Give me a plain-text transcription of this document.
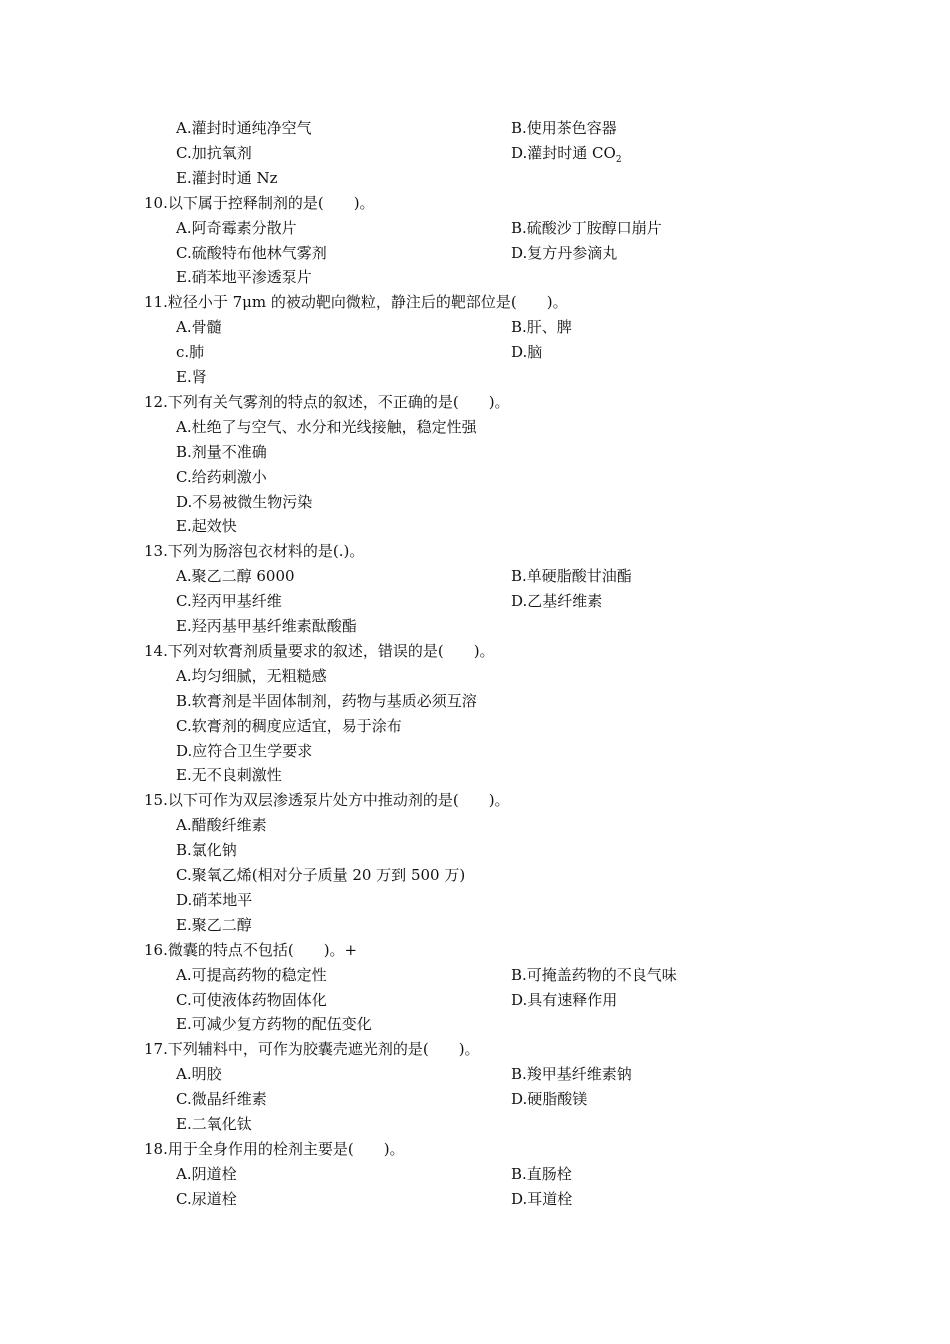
A.灌封时通纯净空气	B.使用茶色容器
C.加抗氧剂	D.灌封时通 $CO_2$
E.灌封时通 Nz
10.以下属于控释制剂的是(　　)。
A.阿奇霉素分散片	B.硫酸沙丁胺醇口崩片
C.硫酸特布他林气雾剂	D.复方丹参滴丸
E.硝苯地平渗透泵片
11.粒径小于 7μm 的被动靶向微粒，静注后的靶部位是(　　)。
A.骨髓	B.肝、脾
c.肺	D.脑
E.肾
12.下列有关气雾剂的特点的叙述，不正确的是(　　)。
A.杜绝了与空气、水分和光线接触，稳定性强
B.剂量不准确
C.给药刺激小
D.不易被微生物污染
E.起效快
13.下列为肠溶包衣材料的是(.)。
A.聚乙二醇 6000	B.单硬脂酸甘油酯
C.羟丙甲基纤维	D.乙基纤维素
E.羟丙基甲基纤维素酞酸酯
14.下列对软膏剂质量要求的叙述，错误的是(　　)。
A.均匀细腻，无粗糙感
B.软膏剂是半固体制剂，药物与基质必须互溶
C.软膏剂的稠度应适宜，易于涂布
D.应符合卫生学要求
E.无不良刺激性
15.以下可作为双层渗透泵片处方中推动剂的是(　　)。
A.醋酸纤维素
B.氯化钠
C.聚氧乙烯(相对分子质量 20 万到 500 万)
D.硝苯地平
E.聚乙二醇
16.微囊的特点不包括(　　)。+
A.可提高药物的稳定性	B.可掩盖药物的不良气味
C.可使液体药物固体化	D.具有速释作用
E.可减少复方药物的配伍变化
17.下列辅料中，可作为胶囊壳遮光剂的是(　　)。
A.明胶	B.羧甲基纤维素钠
C.微晶纤维素	D.硬脂酸镁
E.二氧化钛
18.用于全身作用的栓剂主要是(　　)。
A.阴道栓	B.直肠栓
C.尿道栓	D.耳道栓
